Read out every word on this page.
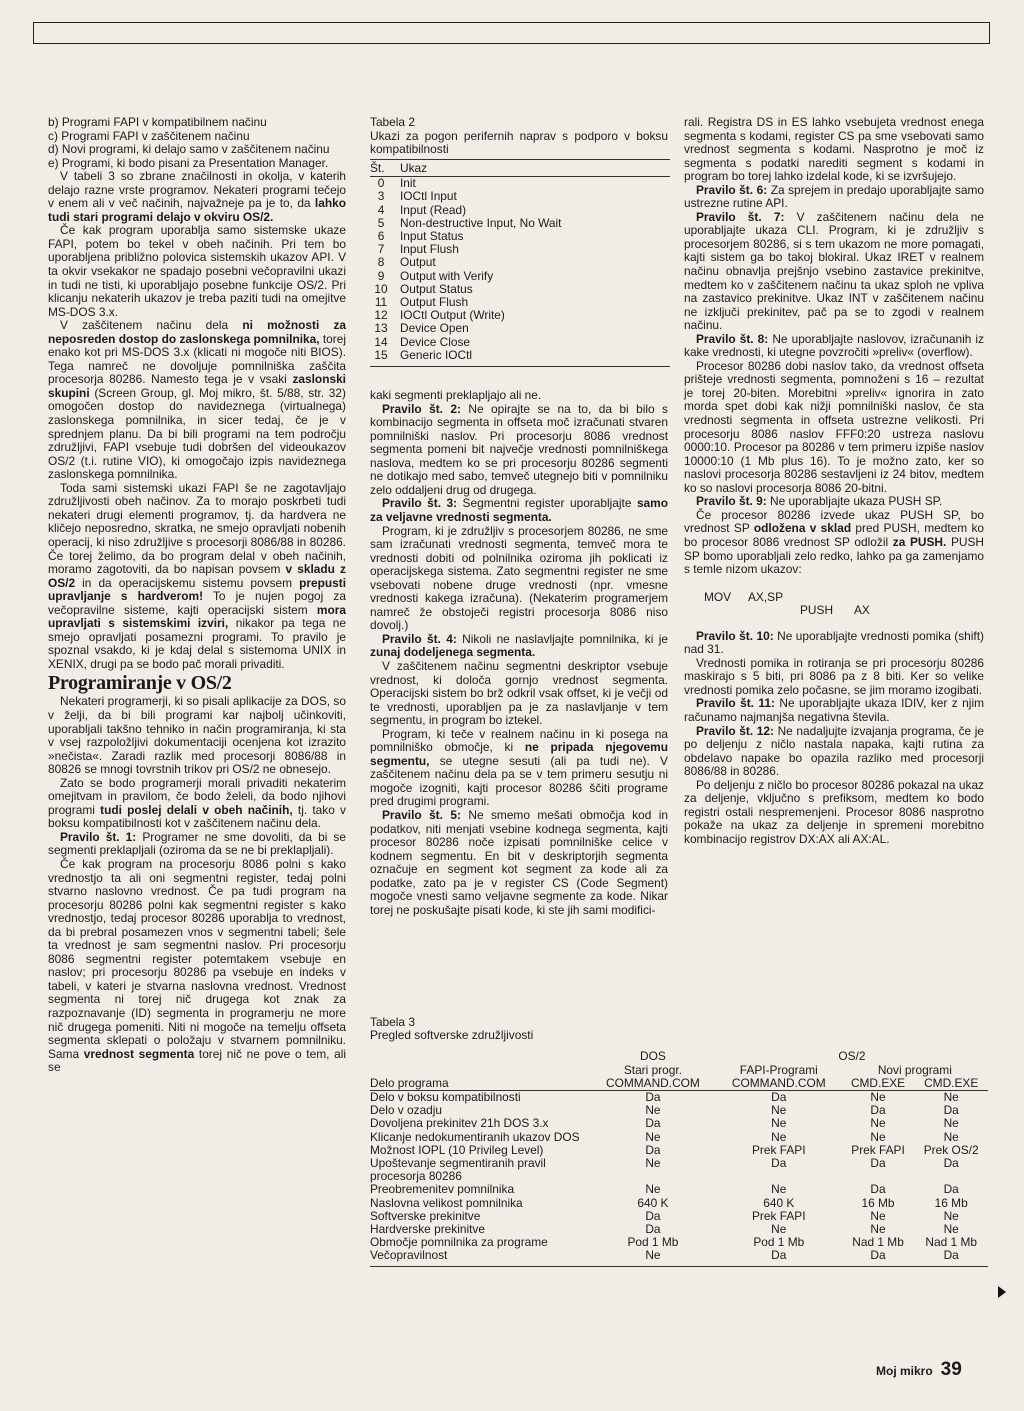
b) Programi FAPI v kompatibilnem načinu

c) Programi FAPI v zaščitenem načinu

d) Novi programi, ki delajo samo v zaščitenem načinu

e) Programi, ki bodo pisani za Presentation Manager.

V tabeli 3 so zbrane značilnosti in okolja, v katerih delajo razne vrste programov. Nekateri programi tečejo v enem ali v več načinih, najvažneje pa je to, da lahko tudi stari programi delajo v okviru OS/2.

Če kak program uporablja samo sistemske ukaze FAPI, potem bo tekel v obeh načinih. Pri tem bo uporabljena približno polovica sistemskih ukazov API. V ta okvir vsekakor ne spadajo posebni večopravilni ukazi in tudi ne tisti, ki uporabljajo posebne funkcije OS/2. Pri klicanju nekaterih ukazov je treba paziti tudi na omejitve MS-DOS 3.x.

V zaščitenem načinu dela ni možnosti za neposreden dostop do zaslonskega pomnilnika, torej enako kot pri MS-DOS 3.x (klicati ni mogoče niti BIOS). Tega namreč ne dovoljuje pomnilniška zaščita procesorja 80286. Namesto tega je v vsaki zaslonski skupini (Screen Group, gl. Moj mikro, št. 5/88, str. 32) omogočen dostop do navideznega (virtualnega) zaslonskega pomnilnika, in sicer tedaj, če je v sprednjem planu. Da bi bili programi na tem področju združljivi, FAPI vsebuje tudi dobršen del videoukazov OS/2 (t.i. rutine VIO), ki omogočajo izpis navideznega zaslonskega pomnilnika.

Toda sami sistemski ukazi FAPI še ne zagotavljajo združljivosti obeh načinov. Za to morajo poskrbeti tudi nekateri drugi elementi programov, tj. da hardvera ne kličejo neposredno, skratka, ne smejo opravljati nobenih operacij, ki niso združljive s procesorji 8086/88 in 80286. Če torej želimo, da bo program delal v obeh načinih, moramo zagotoviti, da bo napisan povsem v skladu z OS/2 in da operacijskemu sistemu povsem prepusti upravljanje s hardverom! To je nujen pogoj za večopravilne sisteme, kajti operacijski sistem mora upravljati s sistemskimi izviri, nikakor pa tega ne smejo opravljati posamezni programi. To pravilo je spoznal vsakdo, ki je kdaj delal s sistemoma UNIX in XENIX, drugi pa se bodo pač morali privaditi.

Programiranje v OS/2

Nekateri programerji, ki so pisali aplikacije za DOS, so v želji, da bi bili programi kar najbolj učinkoviti, uporabljali takšno tehniko in način programiranja, ki sta v vsej razpoložljivi dokumentaciji ocenjena kot izrazito »nečista«. Zaradi razlik med procesorji 8086/88 in 80826 se mnogi tovrstnih trikov pri OS/2 ne obnesejo.

Zato se bodo programerji morali privaditi nekaterim omejitvam in pravilom, če bodo želeli, da bodo njihovi programi tudi poslej delali v obeh načinih, tj. tako v boksu kompatibilnosti kot v zaščitenem načinu dela.

Pravilo št. 1: Programer ne sme dovoliti, da bi se segmenti preklapljali (oziroma da se ne bi preklapljali).

Če kak program na procesorju 8086 polni s kako vrednostjo ta ali oni segmentni register, tedaj polni stvarno naslovno vrednost. Če pa tudi program na procesorju 80286 polni kak segmentni register s kako vrednostjo, tedaj procesor 80286 uporablja to vrednost, da bi prebral posamezen vnos v segmentni tabeli; šele ta vrednost je sam segmentni naslov. Pri procesorju 8086 segmentni register potemtakem vsebuje en naslov; pri procesorju 80286 pa vsebuje en indeks v tabeli, v kateri je stvarna naslovna vrednost. Vrednost segmenta ni torej nič drugega kot znak za razpoznavanje (ID) segmenta in programerju ne more nič drugega pomeniti. Niti ni mogoče na temelju offseta segmenta sklepati o položaju v stvarnem pomnilniku. Sama vrednost segmenta torej nič ne pove o tem, ali se

Tabela 2

Ukazi za pogon perifernih naprav s podporo v boksu kompatibilnosti

Št.	Ukaz
0	Init
3	IOCtl Input
4	Input (Read)
5	Non-destructive Input, No Wait
6	Input Status
7	Input Flush
8	Output
9	Output with Verify
10	Output Status
11	Output Flush
12	IOCtl Output (Write)
13	Device Open
14	Device Close
15	Generic IOCtl

kaki segmenti preklapljajo ali ne.

Pravilo št. 2: Ne opirajte se na to, da bi bilo s kombinacijo segmenta in offseta moč izračunati stvaren pomnilniški naslov. Pri procesorju 8086 vrednost segmenta pomeni bit največje vrednosti pomnilniškega naslova, medtem ko se pri procesorju 80286 segmenti ne dotikajo med sabo, temveč utegnejo biti v pomnilniku zelo oddaljeni drug od drugega.

Pravilo št. 3: Segmentni register uporabljajte samo za veljavne vrednosti segmenta.

Program, ki je združljiv s procesorjem 80286, ne sme sam izračunati vrednosti segmenta, temveč mora te vrednosti dobiti od polnilnika oziroma jih poklicati iz operacijskega sistema. Zato segmentni register ne sme vsebovati nobene druge vrednosti (npr. vmesne vrednosti kakega izračuna). (Nekaterim programerjem namreč že obstoječi registri procesorja 8086 niso dovolj.)

Pravilo št. 4: Nikoli ne naslavljajte pomnilnika, ki je zunaj dodeljenega segmenta.

V zaščitenem načinu segmentni deskriptor vsebuje vrednost, ki določa gornjo vrednost segmenta. Operacijski sistem bo brž odkril vsak offset, ki je večji od te vrednosti, uporabljen pa je za naslavljanje v tem segmentu, in program bo iztekel.

Program, ki teče v realnem načinu in ki posega na pomnilniško območje, ki ne pripada njegovemu segmentu, se utegne sesuti (ali pa tudi ne). V zaščitenem načinu dela pa se v tem primeru sesutju ni mogoče izogniti, kajti procesor 80286 ščiti programe pred drugimi programi.

Pravilo št. 5: Ne smemo mešati območja kod in podatkov, niti menjati vsebine kodnega segmenta, kajti procesor 80286 noče izpisati pomnilniške celice v kodnem segmentu. En bit v deskriptorjih segmenta označuje en segment kot segment za kode ali za podatke, zato pa je v register CS (Code Segment) mogoče vnesti samo veljavne segmente za kode. Nikar torej ne poskušajte pisati kode, ki ste jih sami modifici-

rali. Registra DS in ES lahko vsebujeta vrednost enega segmenta s kodami, register CS pa sme vsebovati samo vrednost segmenta s kodami. Nasprotno je moč iz segmenta s podatki narediti segment s kodami in program bo torej lahko izdelal kode, ki se izvršujejo.

Pravilo št. 6: Za sprejem in predajo uporabljajte samo ustrezne rutine API.

Pravilo št. 7: V zaščitenem načinu dela ne uporabljajte ukaza CLI. Program, ki je združljiv s procesorjem 80286, si s tem ukazom ne more pomagati, kajti sistem ga bo takoj blokiral. Ukaz IRET v realnem načinu obnavlja prejšnjo vsebino zastavice prekinitve, medtem ko v zaščitenem načinu ta ukaz sploh ne vpliva na zastavico prekinitve. Ukaz INT v zaščitenem načinu ne izključi prekinitev, pač pa se to zgodi v realnem načinu.

Pravilo št. 8: Ne uporabljajte naslovov, izračunanih iz kake vrednosti, ki utegne povzročiti »preliv« (overflow).

Procesor 80286 dobi naslov tako, da vrednost offseta prišteje vrednosti segmenta, pomnoženi s 16 – rezultat je torej 20-biten. Morebitni »preliv« ignorira in zato morda spet dobi kak nižji pomnilniški naslov, če sta vrednosti segmenta in offseta ustrezne velikosti. Pri procesorju 8086 naslov FFF0:20 ustreza naslovu 0000:10. Procesor pa 80286 v tem primeru izpiše naslov 10000:10 (1 Mb plus 16). To je možno zato, ker so naslovi procesorja 80286 sestavljeni iz 24 bitov, medtem ko so naslovi procesorja 8086 20-bitni.

Pravilo št. 9: Ne uporabljajte ukaza PUSH SP.

Če procesor 80286 izvede ukaz PUSH SP, bo vrednost SP odložena v sklad pred PUSH, medtem ko bo procesor 8086 vrednost SP odložil za PUSH. PUSH SP bomo uporabljali zelo redko, lahko pa ga zamenjamo s temle nizom ukazov:

MOV	AX,SP
PUSH	AX

Pravilo št. 10: Ne uporabljajte vrednosti pomika (shift) nad 31.

Vrednosti pomika in rotiranja se pri procesorju 80286 maskirajo s 5 biti, pri 8086 pa z 8 biti. Ker so velike vrednosti pomika zelo počasne, se jim moramo izogibati.

Pravilo št. 11: Ne uporabljajte ukaza IDIV, ker z njim računamo najmanjša negativna števila.

Pravilo št. 12: Ne nadaljujte izvajanja programa, če je po deljenju z ničlo nastala napaka, kajti rutina za obdelavo napake bo opazila razliko med procesorji 8086/88 in 80286.

Po deljenju z ničlo bo procesor 80286 pokazal na ukaz za deljenje, vključno s prefiksom, medtem ko bodo registri ostali nespremenjeni. Procesor 8086 nasprotno pokaže na ukaz za deljenje in spremeni morebitno kombinacijo registrov DX:AX ali AX:AL.

Tabela 3
Pregled softverske združljivosti

	DOS	OS/2		
	Stari progr.	FAPI-Programi	Novi programi	
Delo programa	COMMAND.COM	COMMAND.COM	CMD.EXE	CMD.EXE
Delo v boksu kompatibilnosti	Da	Da	Ne	Ne
Delo v ozadju	Ne	Ne	Da	Da
Dovoljena prekinitev 21h DOS 3.x	Da	Ne	Ne	Ne
Klicanje nedokumentiranih ukazov DOS	Ne	Ne	Ne	Ne
Možnost IOPL (10 Privileg Level)	Da	Prek FAPI	Prek FAPI	Prek OS/2
Upoštevanje segmentiranih pravil procesorja 80286	Ne	Da	Da	Da
Preobremenitev pomnilnika	Ne	Ne	Da	Da
Naslovna velikost pomnilnika	640 K	640 K	16 Mb	16 Mb
Softverske prekinitve	Da	Prek FAPI	Ne	Ne
Hardverske prekinitve	Da	Ne	Ne	Ne
Območje pomnilnika za programe	Pod 1 Mb	Pod 1 Mb	Nad 1 Mb	Nad 1 Mb
Večopravilnost	Ne	Da	Da	Da
Moj mikro 39
